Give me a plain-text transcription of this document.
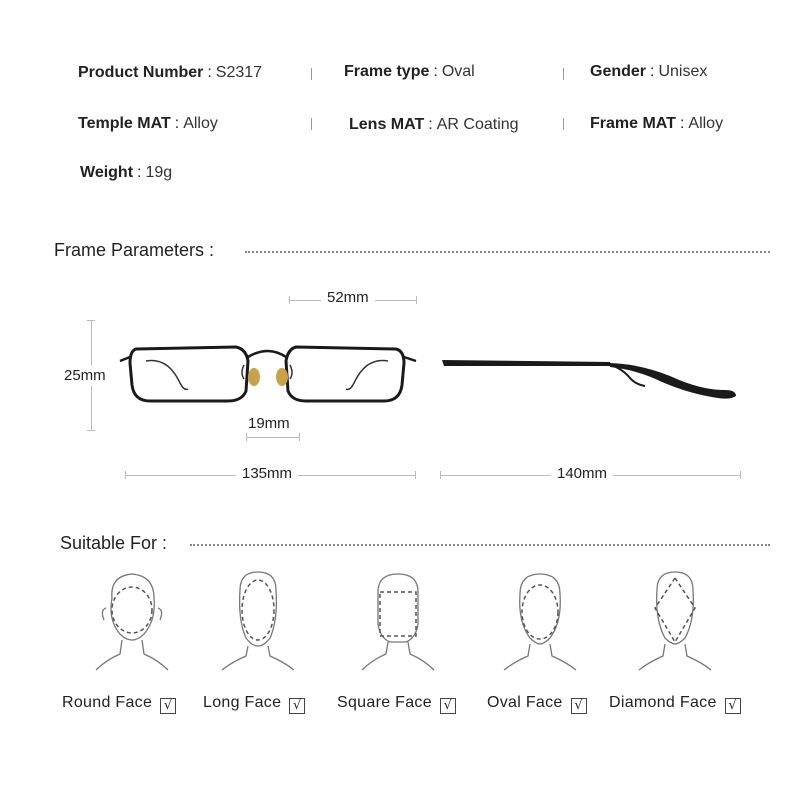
Product Number : S2317	Frame type : Oval	Gender : Unisex
Temple MAT : Alloy	Lens MAT : AR Coating	Frame MAT : Alloy
Weight : 19g
Frame Parameters :
52mm
25mm
19mm
135mm	140mm
Suitable For :
Round Face √ Long Face √ Square Face √ Oval Face √ Diamond Face √
